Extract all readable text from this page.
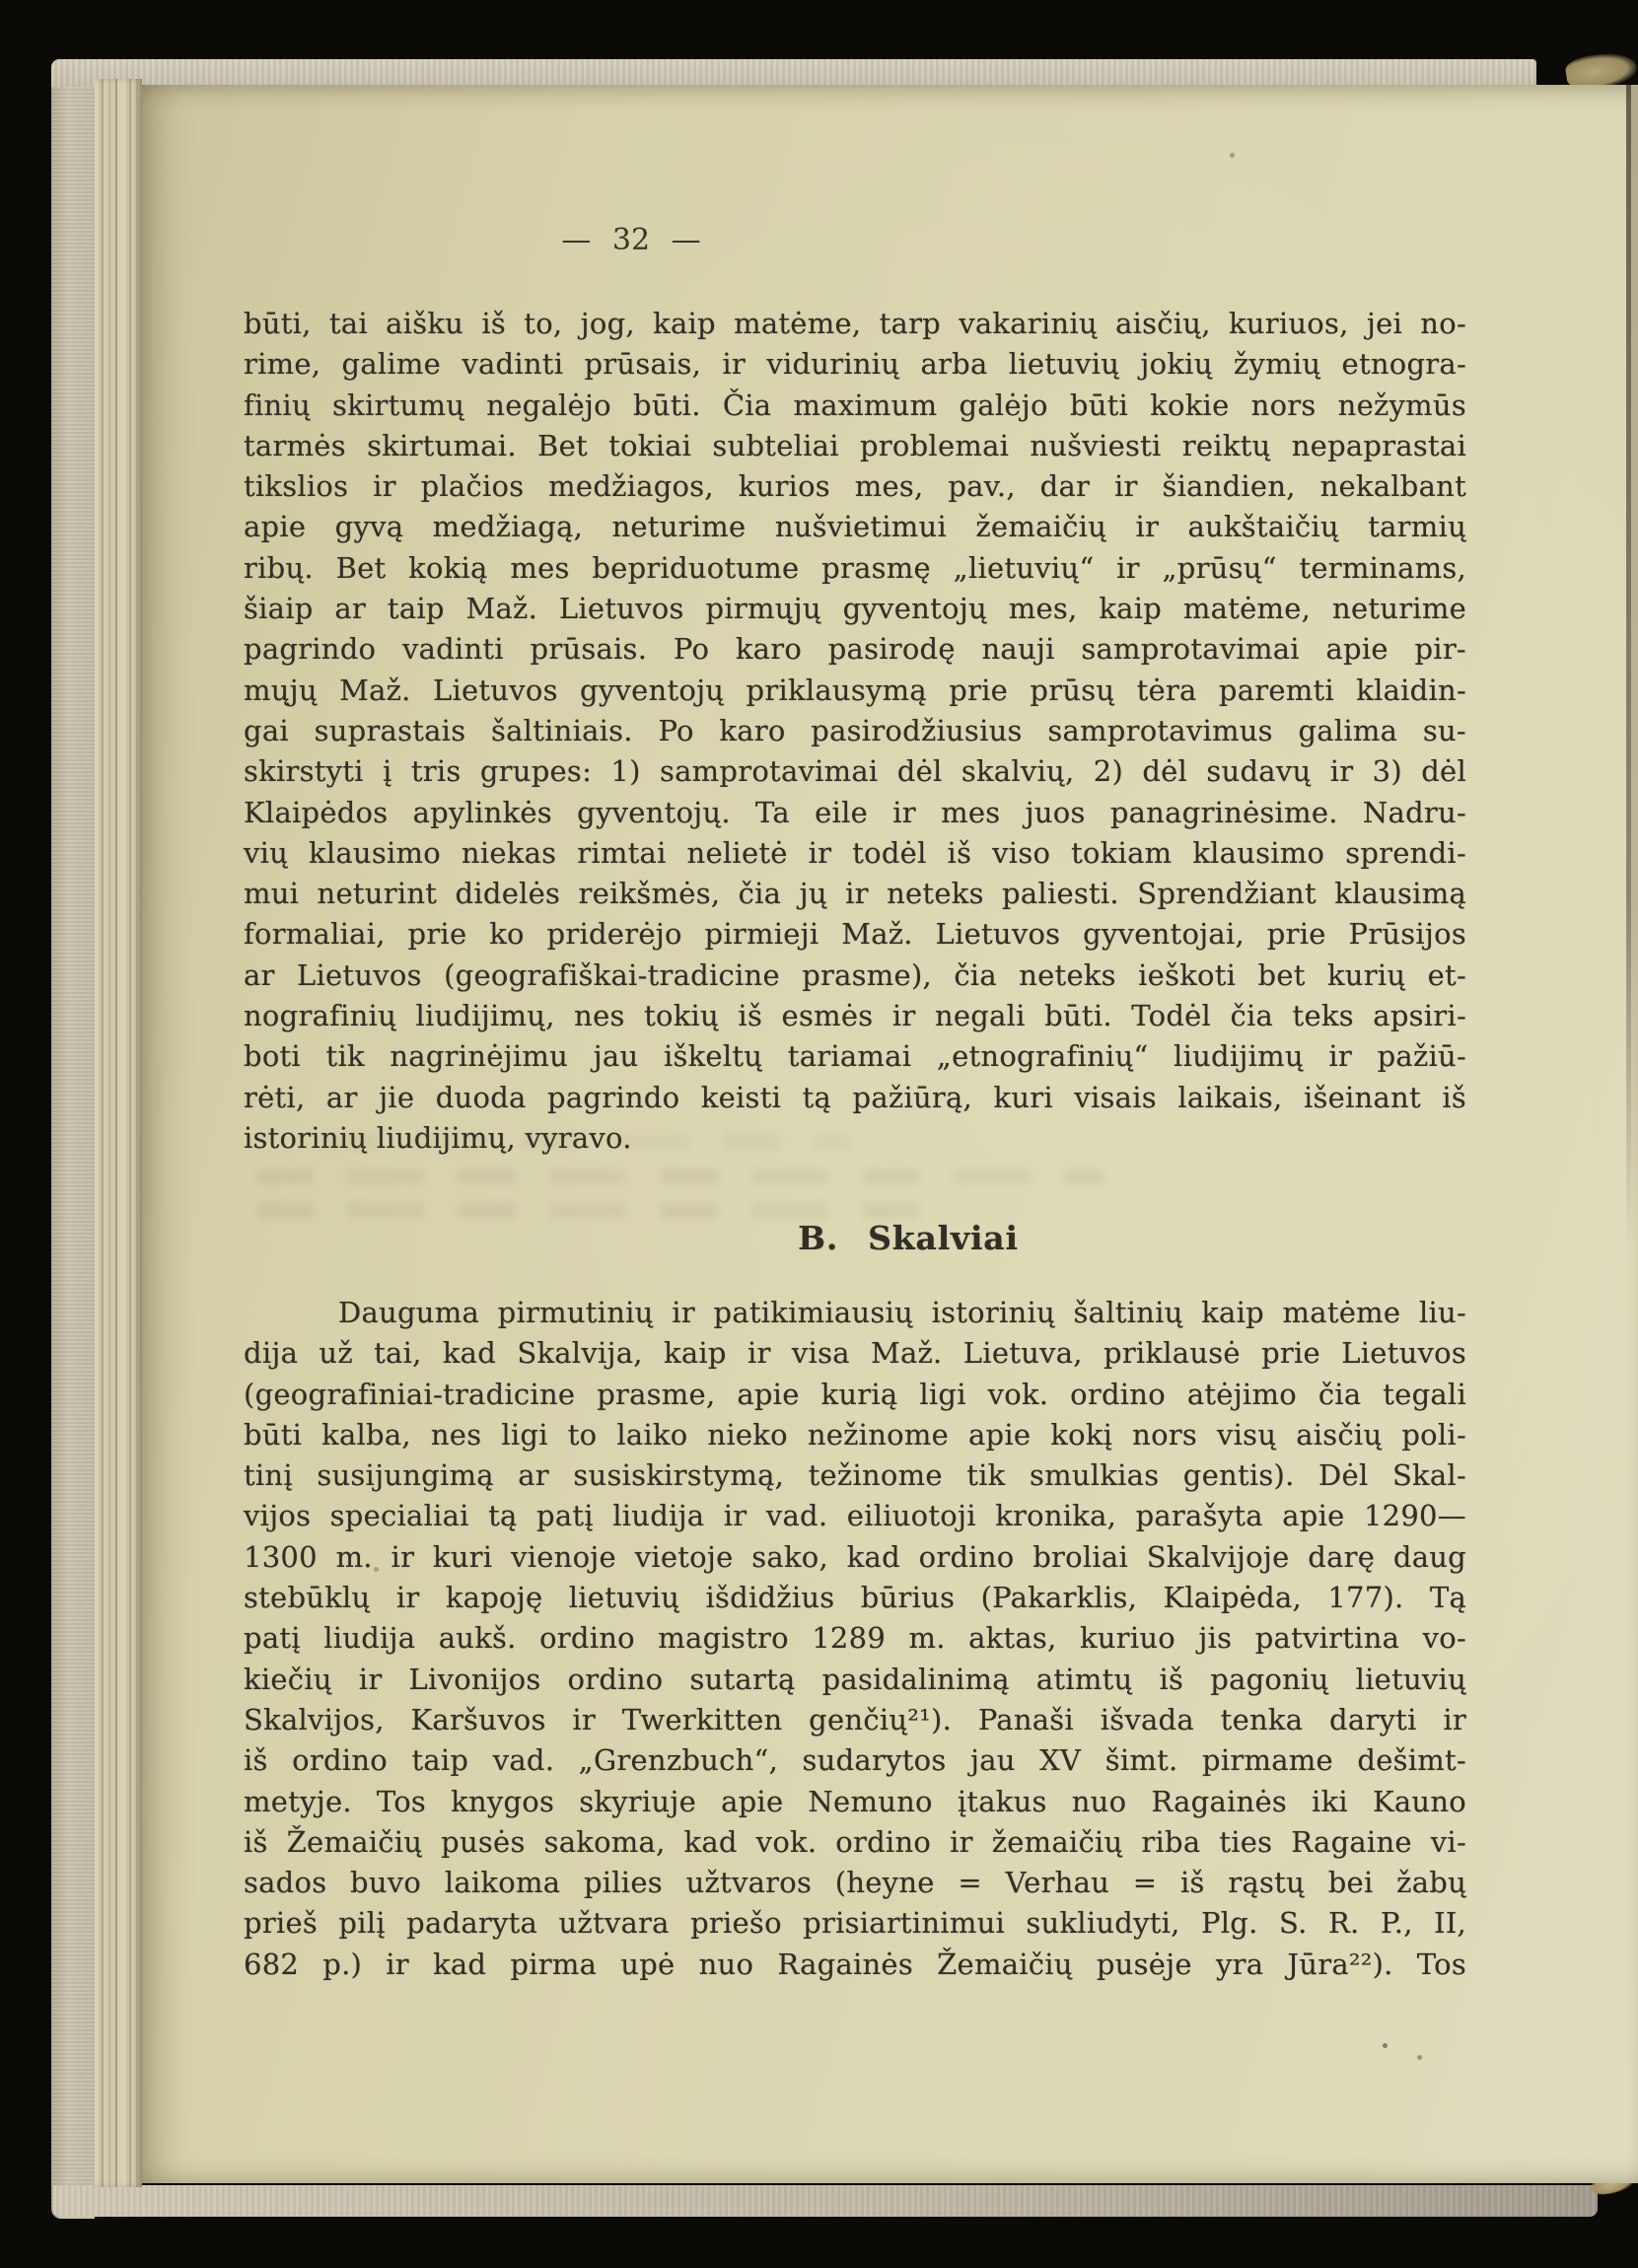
— 32 —
būti, tai aišku iš to, jog, kaip matėme, tarp vakarinių aisčių, kuriuos, jei no-
rime, galime vadinti prūsais, ir vidurinių arba lietuvių jokių žymių etnogra-
finių skirtumų negalėjo būti. Čia maximum galėjo būti kokie nors nežymūs
tarmės skirtumai. Bet tokiai subteliai problemai nušviesti reiktų nepaprastai
tikslios ir plačios medžiagos, kurios mes, pav., dar ir šiandien, nekalbant
apie gyvą medžiagą, neturime nušvietimui žemaičių ir aukštaičių tarmių
ribų. Bet kokią mes bepriduotume prasmę „lietuvių“ ir „prūsų“ terminams,
šiaip ar taip Maž. Lietuvos pirmųjų gyventojų mes, kaip matėme, neturime
pagrindo vadinti prūsais. Po karo pasirodę nauji samprotavimai apie pir-
mųjų Maž. Lietuvos gyventojų priklausymą prie prūsų tėra paremti klaidin-
gai suprastais šaltiniais. Po karo pasirodžiusius samprotavimus galima su-
skirstyti į tris grupes: 1) samprotavimai dėl skalvių, 2) dėl sudavų ir 3) dėl
Klaipėdos apylinkės gyventojų. Ta eile ir mes juos panagrinėsime. Nadru-
vių klausimo niekas rimtai nelietė ir todėl iš viso tokiam klausimo sprendi-
mui neturint didelės reikšmės, čia jų ir neteks paliesti. Sprendžiant klausimą
formaliai, prie ko priderėjo pirmieji Maž. Lietuvos gyventojai, prie Prūsijos
ar Lietuvos (geografiškai-tradicine prasme), čia neteks ieškoti bet kurių et-
nografinių liudijimų, nes tokių iš esmės ir negali būti. Todėl čia teks apsiri-
boti tik nagrinėjimu jau iškeltų tariamai „etnografinių“ liudijimų ir pažiū-
rėti, ar jie duoda pagrindo keisti tą pažiūrą, kuri visais laikais, išeinant iš
istorinių liudijimų, vyravo.
B. Skalviai
Dauguma pirmutinių ir patikimiausių istorinių šaltinių kaip matėme liu-
dija už tai, kad Skalvija, kaip ir visa Maž. Lietuva, priklausė prie Lietuvos
(geografiniai-tradicine prasme, apie kurią ligi vok. ordino atėjimo čia tegali
būti kalba, nes ligi to laiko nieko nežinome apie kokį nors visų aisčių poli-
tinį susijungimą ar susiskirstymą, težinome tik smulkias gentis). Dėl Skal-
vijos specialiai tą patį liudija ir vad. eiliuotoji kronika, parašyta apie 1290—
1300 m. ir kuri vienoje vietoje sako, kad ordino broliai Skalvijoje darę daug
stebūklų ir kapoję lietuvių išdidžius būrius (Pakarklis, Klaipėda, 177). Tą
patį liudija aukš. ordino magistro 1289 m. aktas, kuriuo jis patvirtina vo-
kiečių ir Livonijos ordino sutartą pasidalinimą atimtų iš pagonių lietuvių
Skalvijos, Karšuvos ir Twerkitten genčių²¹). Panaši išvada tenka daryti ir
iš ordino taip vad. „Grenzbuch“, sudarytos jau XV šimt. pirmame dešimt-
metyje. Tos knygos skyriuje apie Nemuno įtakus nuo Ragainės iki Kauno
iš Žemaičių pusės sakoma, kad vok. ordino ir žemaičių riba ties Ragaine vi-
sados buvo laikoma pilies užtvaros (heyne = Verhau = iš rąstų bei žabų
prieš pilį padaryta užtvara priešo prisiartinimui sukliudyti, Plg. S. R. P., II,
682 p.) ir kad pirma upė nuo Ragainės Žemaičių pusėje yra Jūra²²). Tos
